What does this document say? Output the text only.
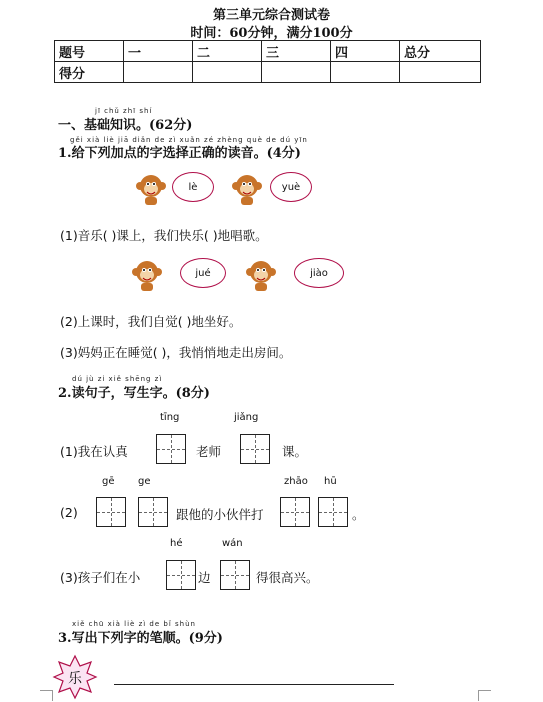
第三单元综合测试卷
时间：60分钟，满分100分
题号	一	二	三	四	总分
得分					
jī chǔ zhī shí
一、基础知识。(62分)
gěi xià liè jiā diǎn de zì xuǎn zé zhèng què de dú yīn
1.给下列加点的字选择正确的读音。(4分)
lè	yuè
(1)音乐( )课上，我们快乐( )地唱歌。
jué	jiào
(2)上课时，我们自觉( )地坐好。
(3)妈妈正在睡觉( )，我悄悄地走出房间。
dú jù zi xiě shēng zì
2.读句子，写生字。(8分)
tīng	jiǎng
(1)我在认真	老师	课。
gē ge	zhāo hū
(2)	跟他的小伙伴打	。
hé	wán
(3)孩子们在小	边	得很高兴。
xiě chū xià liè zì de bǐ shùn
3.写出下列字的笔顺。(9分)
乐
